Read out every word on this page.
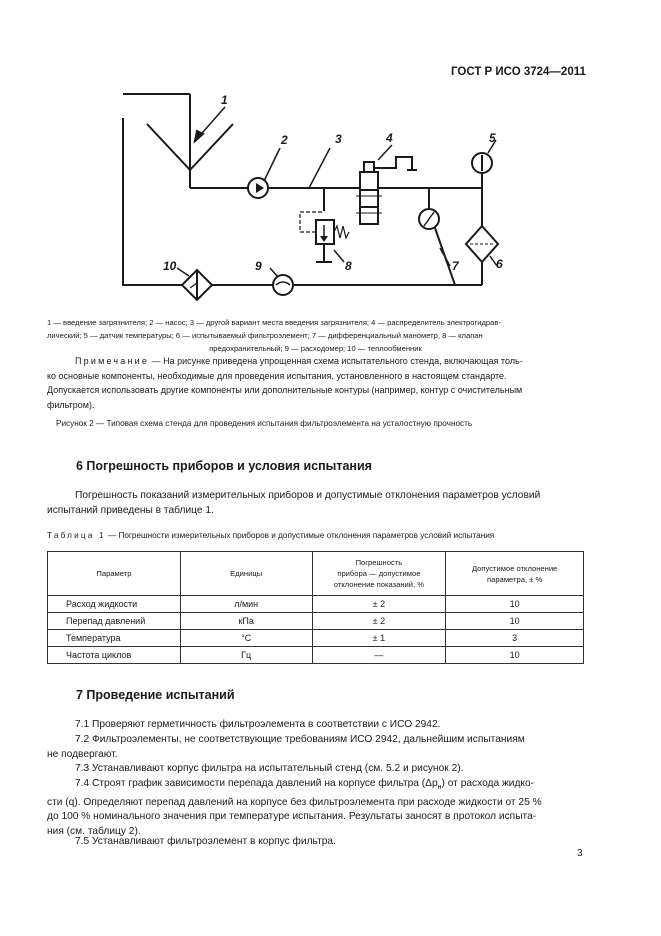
ГОСТ Р ИСО 3724—2011
1
2	3	4	5
6
7
8
9
10
1 — введение загрязнителя; 2 — насос; 3 — другой вариант места введения загрязнителя; 4 — распределитель электрогидрав-
лический; 5 — датчик температуры; 6 — испытываемый фильтроэлемент; 7 — дифференциальный манометр, 8 — клапан
предохранительный; 9 — расходомер; 10 — теплообменник
Примечание — На рисунке приведена упрощенная схема испытательного стенда, включающая толь-
ко основные компоненты, необходимые для проведения испытания, установленного в настоящем стандарте.
Допускается использовать другие компоненты или дополнительные контуры (например, контур с очистительным
фильтром).
Рисунок 2 — Типовая схема стенда для проведения испытания фильтроэлемента на усталостную прочность
6 Погрешность приборов и условия испытания
Погрешность показаний измерительных приборов и допустимые отклонения параметров условий
испытаний приведены в таблице 1.
Таблица 1 — Погрешности измерительных приборов и допустимые отклонения параметров условий испытания
Параметр	Единицы	Погрешность
прибора — допустимое
отклонение показаний, %	Допустимое отклонение
параметра, ± %
Расход жидкости	л/мин	± 2	10
Перепад давлений	кПа	± 2	10
Температура	°С	± 1	3
Частота циклов	Гц	—	10
7 Проведение испытаний
7.1 Проверяют герметичность фильтроэлемента в соответствии с ИСО 2942.
7.2 Фильтроэлементы, не соответствующие требованиям ИСО 2942, дальнейшим испытаниям
не подвергают.
7.3 Устанавливают корпус фильтра на испытательный стенд (см. 5.2 и рисунок 2).
7.4 Строят график зависимости перепада давлений на корпусе фильтра $(\Delta p_н)$ от расхода жидко-
сти (q). Определяют перепад давлений на корпусе без фильтроэлемента при расходе жидкости от 25 %
до 100 % номинального значения при температуре испытания. Результаты заносят в протокол испыта-
ния (см. таблицу 2).
7.5 Устанавливают фильтроэлемент в корпус фильтра.
3
